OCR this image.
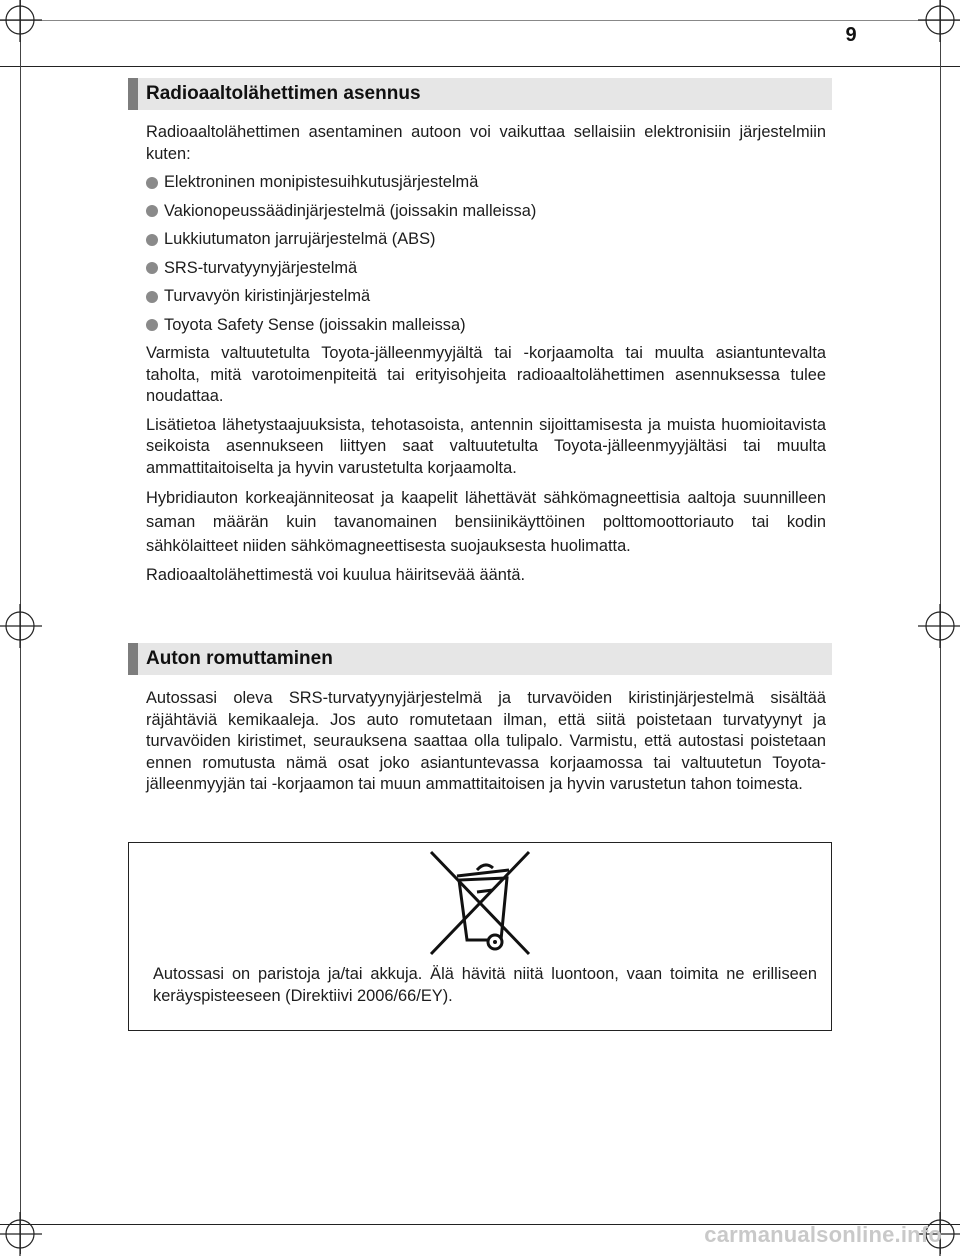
9
Radioaaltolähettimen asennus

Radioaaltolähettimen asentaminen autoon voi vaikuttaa sellaisiin elektronisiin järjestelmiin kuten:

Elektroninen monipistesuihkutusjärjestelmä
Vakionopeussäädinjärjestelmä (joissakin malleissa)
Lukkiutumaton jarrujärjestelmä (ABS)
SRS-turvatyynyjärjestelmä
Turvavyön kiristinjärjestelmä
Toyota Safety Sense (joissakin malleissa)

Varmista valtuutetulta Toyota-jälleenmyyjältä tai -korjaamolta tai muulta asiantuntevalta taholta, mitä varotoimenpiteitä tai erityisohjeita radioaaltolähettimen asennuksessa tulee noudattaa.

Lisätietoa lähetystaajuuksista, tehotasoista, antennin sijoittamisesta ja muista huomioitavista seikoista asennukseen liittyen saat valtuutetulta Toyota-jälleenmyyjältäsi tai muulta ammattitaitoiselta ja hyvin varustetulta korjaamolta.

Hybridiauton korkeajänniteosat ja kaapelit lähettävät sähkömagneettisia aaltoja suunnilleen saman määrän kuin tavanomainen bensiinikäyttöinen polttomoottoriauto tai kodin sähkölaitteet niiden sähkömagneettisesta suojauksesta huolimatta.

Radioaaltolähettimestä voi kuulua häiritsevää ääntä.

Auton romuttaminen

Autossasi oleva SRS-turvatyynyjärjestelmä ja turvavöiden kiristinjärjestelmä sisältää räjähtäviä kemikaaleja. Jos auto romutetaan ilman, että siitä poistetaan turvatyynyt ja turvavöiden kiristimet, seurauksena saattaa olla tulipalo. Varmistu, että autostasi poistetaan ennen romutusta nämä osat joko asiantuntevassa korjaamossa tai valtuutetun Toyota-jälleenmyyjän tai -korjaamon tai muun ammattitaitoisen ja hyvin varustetun tahon toimesta.

Autossasi on paristoja ja/tai akkuja. Älä hävitä niitä luontoon, vaan toimita ne erilliseen keräyspisteeseen (Direktiivi 2006/66/EY).
carmanualsonline.info
